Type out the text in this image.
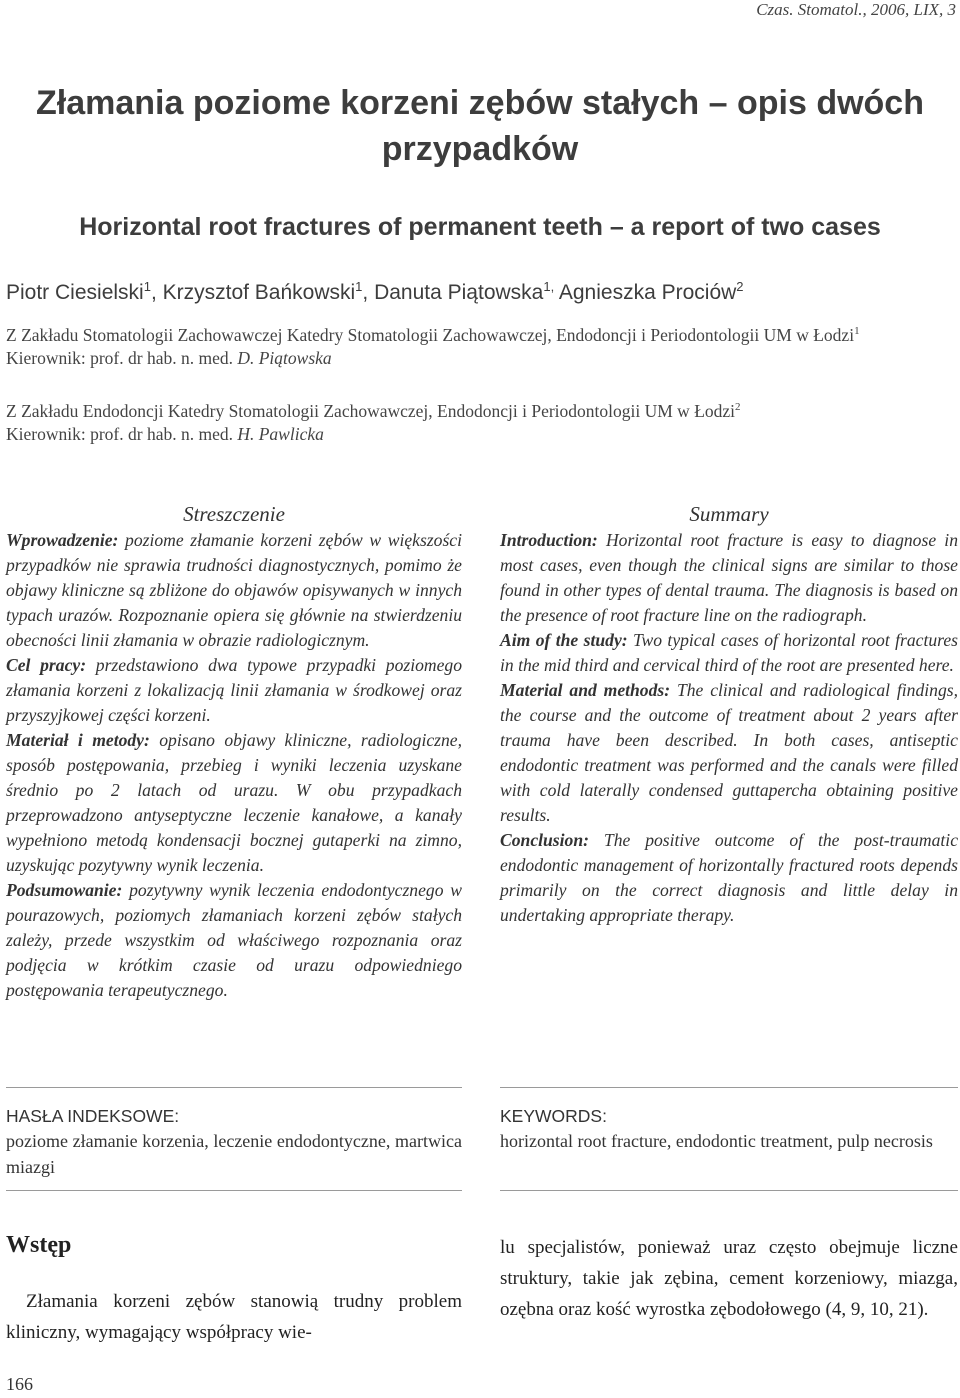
Czas. Stomatol., 2006, LIX, 3
Złamania poziome korzeni zębów stałych – opis dwóch przypadków
Horizontal root fractures of permanent teeth – a report of two cases
Piotr Ciesielski$^1$, Krzysztof Bańkowski$^1$, Danuta Piątowska$^{1,}$ Agnieszka Prociów$^2$
Z Zakładu Stomatologii Zachowawczej Katedry Stomatologii Zachowawczej, Endodoncji i Periodontologii UM w Łodzi$^1$
Kierownik: prof. dr hab. n. med. D. Piątowska
Z Zakładu Endodoncji Katedry Stomatologii Zachowawczej, Endodoncji i Periodontologii UM w Łodzi$^2$
Kierownik: prof. dr hab. n. med. H. Pawlicka
Streszczenie	Summary

Wprowadzenie: poziome złamanie korzeni zębów w większości przypadków nie sprawia trudności diagnostycznych, pomimo że objawy kliniczne są zbliżone do objawów opisywanych w innych typach urazów. Rozpoznanie opiera się głównie na stwierdzeniu obecności linii złamania w obrazie radiologicznym.

Cel pracy: przedstawiono dwa typowe przypadki poziomego złamania korzeni z lokalizacją linii złamania w środkowej oraz przyszyjkowej części korzeni.

Materiał i metody: opisano objawy kliniczne, radiologiczne, sposób postępowania, przebieg i wyniki leczenia uzyskane średnio po 2 latach od urazu. W obu przypadkach przeprowadzono antyseptyczne leczenie kanałowe, a kanały wypełniono metodą kondensacji bocznej gutaperki na zimno, uzyskując pozytywny wynik leczenia.

Podsumowanie: pozytywny wynik leczenia endodontycznego w pourazowych, poziomych złamaniach korzeni zębów stałych zależy, przede wszystkim od właściwego rozpoznania oraz podjęcia w krótkim czasie od urazu odpowiedniego postępowania terapeutycznego.

Introduction: Horizontal root fracture is easy to diagnose in most cases, even though the clinical signs are similar to those found in other types of dental trauma. The diagnosis is based on the presence of root fracture line on the radiograph.

Aim of the study: Two typical cases of horizontal root fractures in the mid third and cervical third of the root are presented here.

Material and methods: The clinical and radiological findings, the course and the outcome of treatment about 2 years after trauma have been described. In both cases, antiseptic endodontic treatment was performed and the canals were filled with cold laterally condensed guttapercha obtaining positive results.

Conclusion: The positive outcome of the post-traumatic endodontic management of horizontally fractured roots depends primarily on the correct diagnosis and little delay in undertaking appropriate therapy.

HASŁA INDEKSOWE:
poziome złamanie korzenia, leczenie endodontyczne, martwica miazgi
KEYWORDS:
horizontal root fracture, endodontic treatment, pulp necrosis
Wstęp
Złamania korzeni zębów stanowią trudny problem kliniczny, wymagający współpracy wie-
lu specjalistów, ponieważ uraz często obejmuje liczne struktury, takie jak zębina, cement korzeniowy, miazga, ozębna oraz kość wyrostka zębodołowego (4, 9, 10, 21).
166
